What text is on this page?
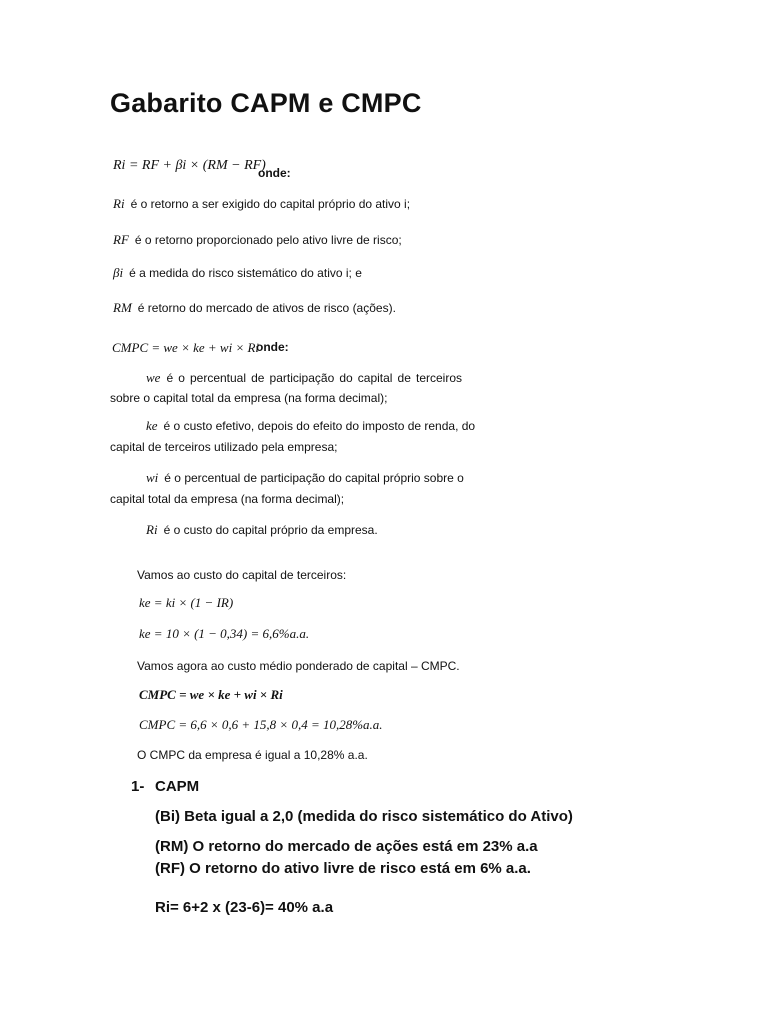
Gabarito CAPM e CMPC
Ri = RF + βi × (RM − RF)
onde:
Ri é o retorno a ser exigido do capital próprio do ativo i;
RF é o retorno proporcionado pelo ativo livre de risco;
βi é a medida do risco sistemático do ativo i; e
RM é retorno do mercado de ativos de risco (ações).
CMPC = we × ke + wi × Ri
onde:
we é o percentual de participação do capital de terceiros
sobre o capital total da empresa (na forma decimal);
ke é o custo efetivo, depois do efeito do imposto de renda, do
capital de terceiros utilizado pela empresa;
wi é o percentual de participação do capital próprio sobre o
capital total da empresa (na forma decimal);
Ri é o custo do capital próprio da empresa.
Vamos ao custo do capital de terceiros:
ke = ki × (1 − IR)
ke = 10 × (1 − 0,34) = 6,6%a.a.
Vamos agora ao custo médio ponderado de capital – CMPC.
CMPC = we × ke + wi × Ri
CMPC = 6,6 × 0,6 + 15,8 × 0,4 = 10,28%a.a.
O CMPC da empresa é igual a 10,28% a.a.
1- CAPM
(Bi) Beta igual a 2,0 (medida do risco sistemático do Ativo)
(RM) O retorno do mercado de ações está em 23% a.a
(RF) O retorno do ativo livre de risco está em 6% a.a.
Ri= 6+2 x (23-6)= 40% a.a
